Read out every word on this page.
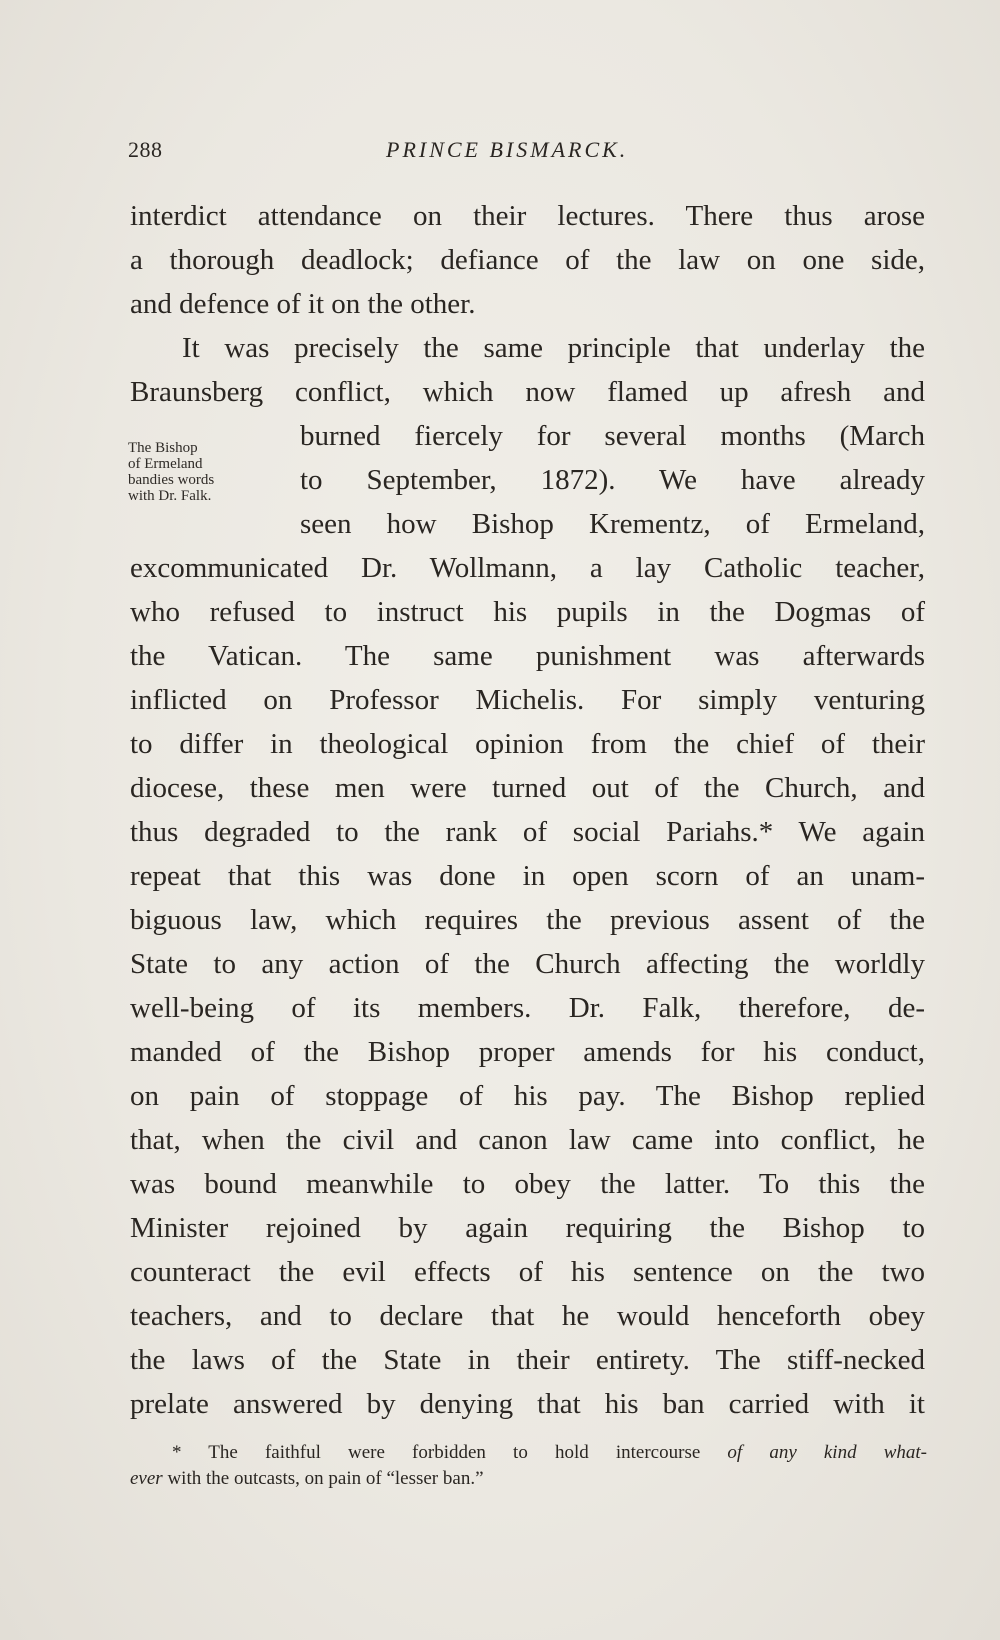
288	PRINCE BISMARCK.
The Bishop
of Ermeland
bandies words
with Dr. Falk.
interdict attendance on their lectures. There thus arose
a thorough deadlock; defiance of the law on one side,
and defence of it on the other.
It was precisely the same principle that underlay the
Braunsberg conflict, which now flamed up afresh and
burned fiercely for several months (March
to September, 1872). We have already
seen how Bishop Krementz, of Ermeland,
excommunicated Dr. Wollmann, a lay Catholic teacher,
who refused to instruct his pupils in the Dogmas of
the Vatican. The same punishment was afterwards
inflicted on Professor Michelis. For simply venturing
to differ in theological opinion from the chief of their
diocese, these men were turned out of the Church, and
thus degraded to the rank of social Pariahs.* We again
repeat that this was done in open scorn of an unam-
biguous law, which requires the previous assent of the
State to any action of the Church affecting the worldly
well-being of its members. Dr. Falk, therefore, de-
manded of the Bishop proper amends for his conduct,
on pain of stoppage of his pay. The Bishop replied
that, when the civil and canon law came into conflict, he
was bound meanwhile to obey the latter. To this the
Minister rejoined by again requiring the Bishop to
counteract the evil effects of his sentence on the two
teachers, and to declare that he would henceforth obey
the laws of the State in their entirety. The stiff-necked
prelate answered by denying that his ban carried with it
* The faithful were forbidden to hold intercourse of any kind what-
ever with the outcasts, on pain of “lesser ban.”
